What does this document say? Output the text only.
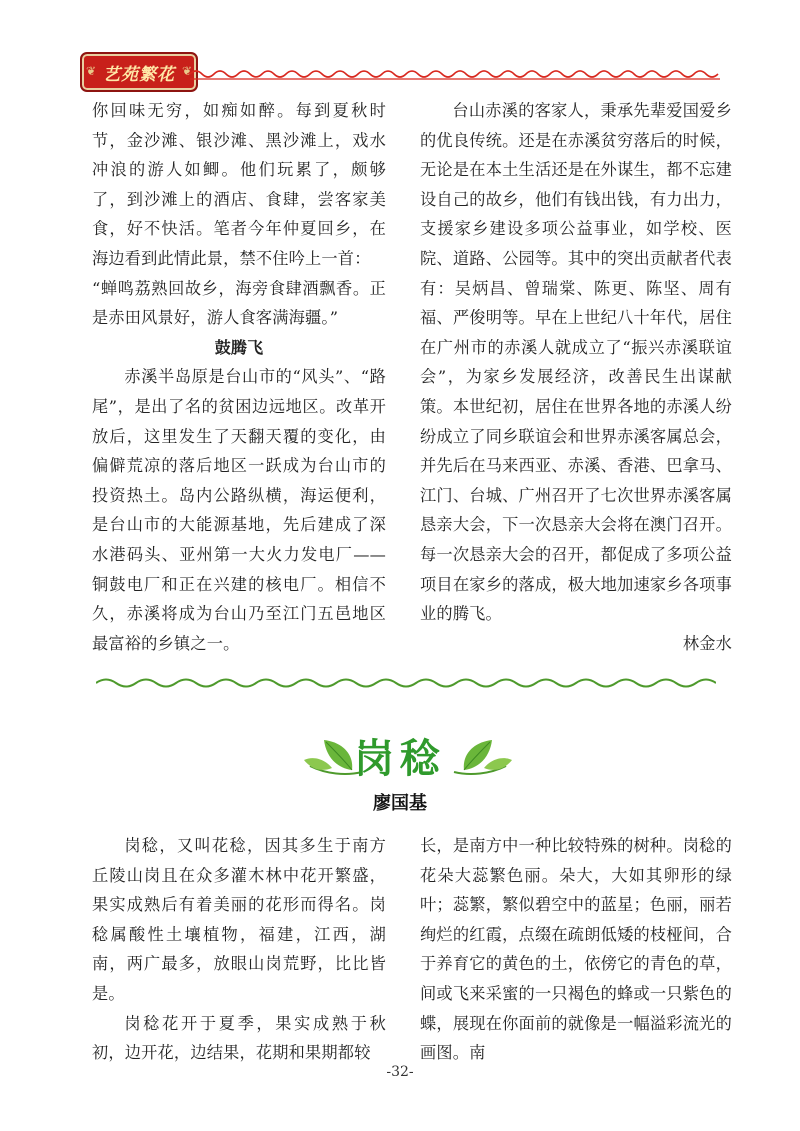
❦ 艺苑繁花 ❦

你回味无穷，如痴如醉。每到夏秋时节，金沙滩、银沙滩、黑沙滩上，戏水冲浪的游人如鲫。他们玩累了，颇够了，到沙滩上的酒店、食肆，尝客家美食，好不快活。笔者今年仲夏回乡，在海边看到此情此景，禁不住吟上一首：

“蝉鸣荔熟回故乡，海旁食肆酒飘香。正是赤田风景好，游人食客满海疆。”

鼓腾飞

赤溪半岛原是台山市的“风头”、“路尾”，是出了名的贫困边远地区。改革开放后，这里发生了天翻天覆的变化，由偏僻荒凉的落后地区一跃成为台山市的投资热土。岛内公路纵横，海运便利，是台山市的大能源基地，先后建成了深水港码头、亚州第一大火力发电厂——铜鼓电厂和正在兴建的核电厂。相信不久，赤溪将成为台山乃至江门五邑地区最富裕的乡镇之一。

台山赤溪的客家人，秉承先辈爱国爱乡的优良传统。还是在赤溪贫穷落后的时候，无论是在本土生活还是在外谋生，都不忘建设自己的故乡，他们有钱出钱，有力出力，支援家乡建设多项公益事业，如学校、医院、道路、公园等。其中的突出贡献者代表有：吴炳昌、曾瑞棠、陈更、陈坚、周有福、严俊明等。早在上世纪八十年代，居住在广州市的赤溪人就成立了“振兴赤溪联谊会”，为家乡发展经济，改善民生出谋献策。本世纪初，居住在世界各地的赤溪人纷纷成立了同乡联谊会和世界赤溪客属总会，并先后在马来西亚、赤溪、香港、巴拿马、江门、台城、广州召开了七次世界赤溪客属恳亲大会，下一次恳亲大会将在澳门召开。每一次恳亲大会的召开，都促成了多项公益项目在家乡的落成，极大地加速家乡各项事业的腾飞。

林金水

岗稔
廖国基

岗稔，又叫花稔，因其多生于南方丘陵山岗且在众多灌木林中花开繁盛，果实成熟后有着美丽的花形而得名。岗稔属酸性土壤植物，福建，江西，湖南，两广最多，放眼山岗荒野，比比皆是。

岗稔花开于夏季，果实成熟于秋初，边开花，边结果，花期和果期都较

长，是南方中一种比较特殊的树种。岗稔的花朵大蕊繁色丽。朵大，大如其卵形的绿叶；蕊繁，繁似碧空中的蓝星；色丽，丽若绚烂的红霞，点缀在疏朗低矮的枝桠间，合于养育它的黄色的土，依傍它的青色的草，间或飞来采蜜的一只褐色的蜂或一只紫色的蝶，展现在你面前的就像是一幅溢彩流光的画图。南

-32-
